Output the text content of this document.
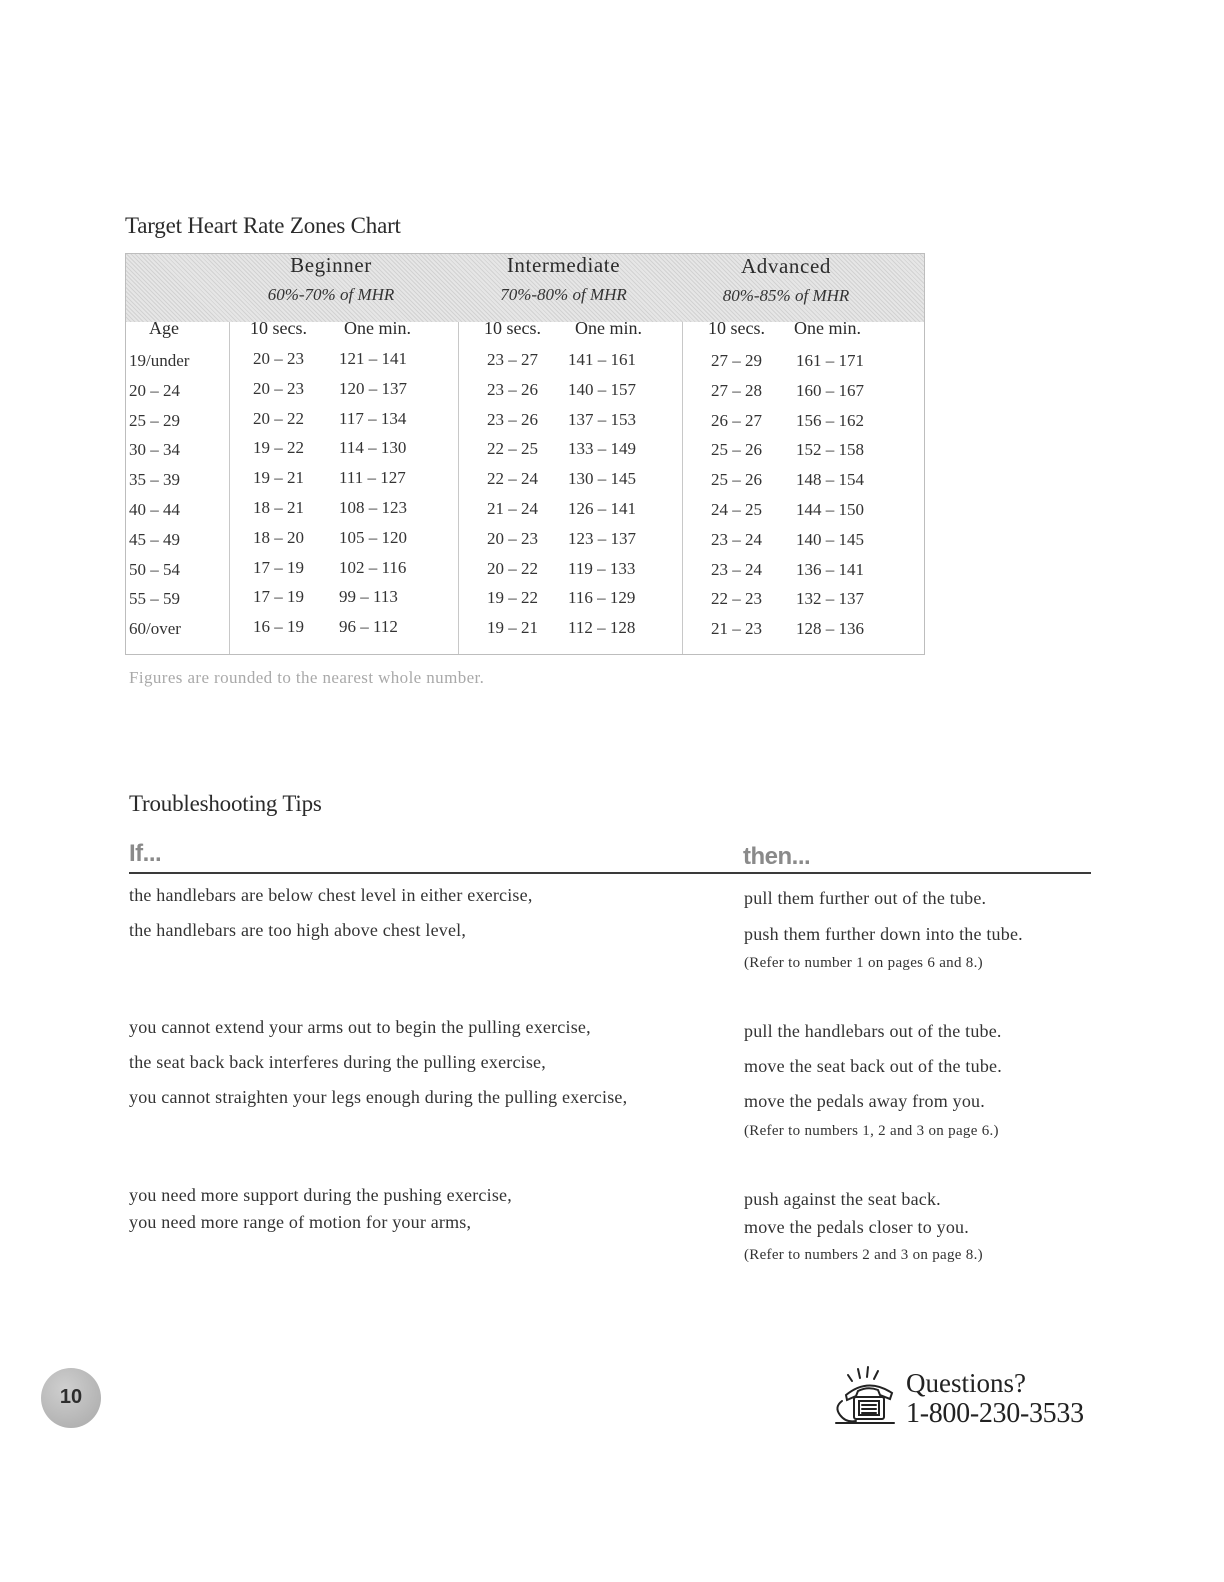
Target Heart Rate Zones Chart
Beginner
60%-70% of MHR
Intermediate
70%-80% of MHR
Advanced
80%-85% of MHR
Age	10 secs. One min.	10 secs. One min.	10 secs. One min.
19/under	20 – 23 121 – 141	23 – 27 141 – 161	27 – 29 161 – 171
20 – 24	20 – 23 120 – 137	23 – 26 140 – 157	27 – 28 160 – 167
25 – 29	20 – 22 117 – 134	23 – 26 137 – 153	26 – 27 156 – 162
30 – 34	19 – 22 114 – 130	22 – 25 133 – 149	25 – 26 152 – 158
35 – 39	19 – 21 111 – 127	22 – 24 130 – 145	25 – 26 148 – 154
40 – 44	18 – 21 108 – 123	21 – 24 126 – 141	24 – 25 144 – 150
45 – 49	18 – 20 105 – 120	20 – 23 123 – 137	23 – 24 140 – 145
50 – 54	17 – 19 102 – 116	20 – 22 119 – 133	23 – 24 136 – 141
55 – 59	17 – 19 99 – 113	19 – 22 116 – 129	22 – 23 132 – 137
60/over	16 – 19 96 – 112	19 – 21 112 – 128	21 – 23 128 – 136
Figures are rounded to the nearest whole number.
Troubleshooting Tips
If...	then...
the handlebars are below chest level in either exercise,	pull them further out of the tube.
the handlebars are too high above chest level,	push them further down into the tube.
(Refer to number 1 on pages 6 and 8.)
you cannot extend your arms out to begin the pulling exercise,	pull the handlebars out of the tube.
the seat back back interferes during the pulling exercise,	move the seat back out of the tube.
you cannot straighten your legs enough during the pulling exercise,	move the pedals away from you.
(Refer to numbers 1, 2 and 3 on page 6.)
you need more support during the pushing exercise,	push against the seat back.
you need more range of motion for your arms,	move the pedals closer to you.
(Refer to numbers 2 and 3 on page 8.)
10	Questions?
1-800-230-3533
